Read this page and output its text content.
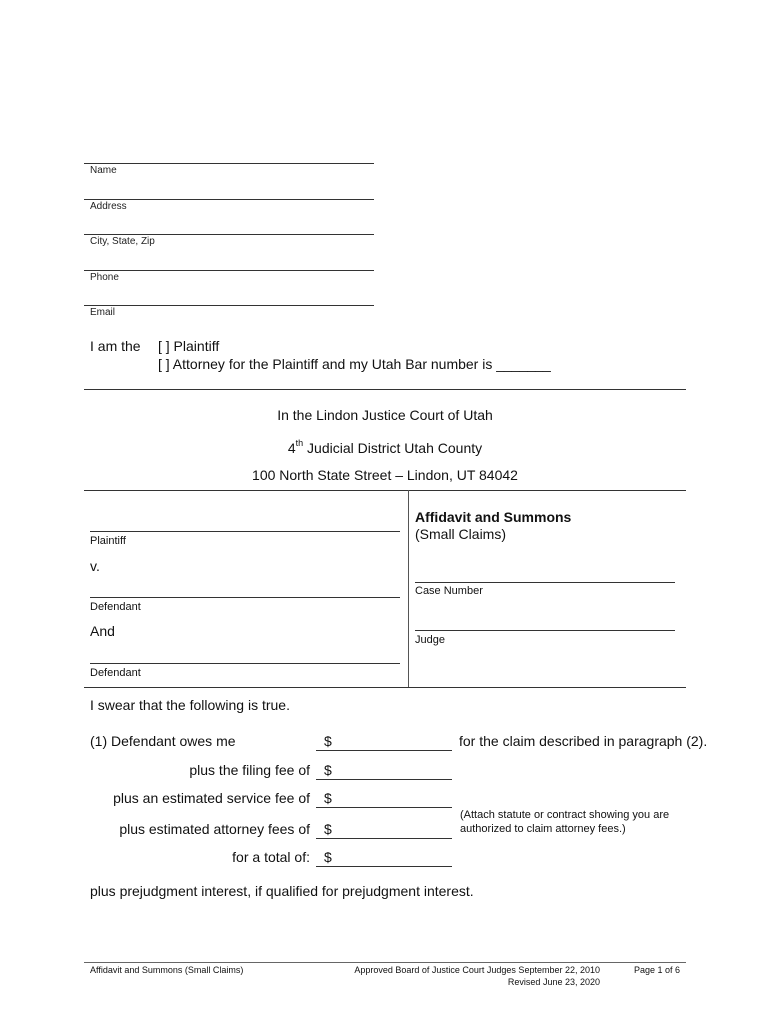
Name
Address
City, State, Zip
Phone
Email
I am the [ ] Plaintiff
[ ] Attorney for the Plaintiff and my Utah Bar number is _______
In the Lindon Justice Court of Utah
4th Judicial District Utah County
100 North State Street – Lindon, UT 84042
Plaintiff
v.
Defendant
And
Defendant
Affidavit and Summons
(Small Claims)
Case Number
Judge
I swear that the following is true.
(1) Defendant owes me	$	for the claim described in paragraph (2).
plus the filing fee of	$
plus an estimated service fee of	$
plus estimated attorney fees of	$
(Attach statute or contract showing you are authorized to claim attorney fees.)
for a total of:	$
plus prejudgment interest, if qualified for prejudgment interest.
Affidavit and Summons (Small Claims)	Approved Board of Justice Court Judges September 22, 2010
Revised June 23, 2020
Page 1 of 6
